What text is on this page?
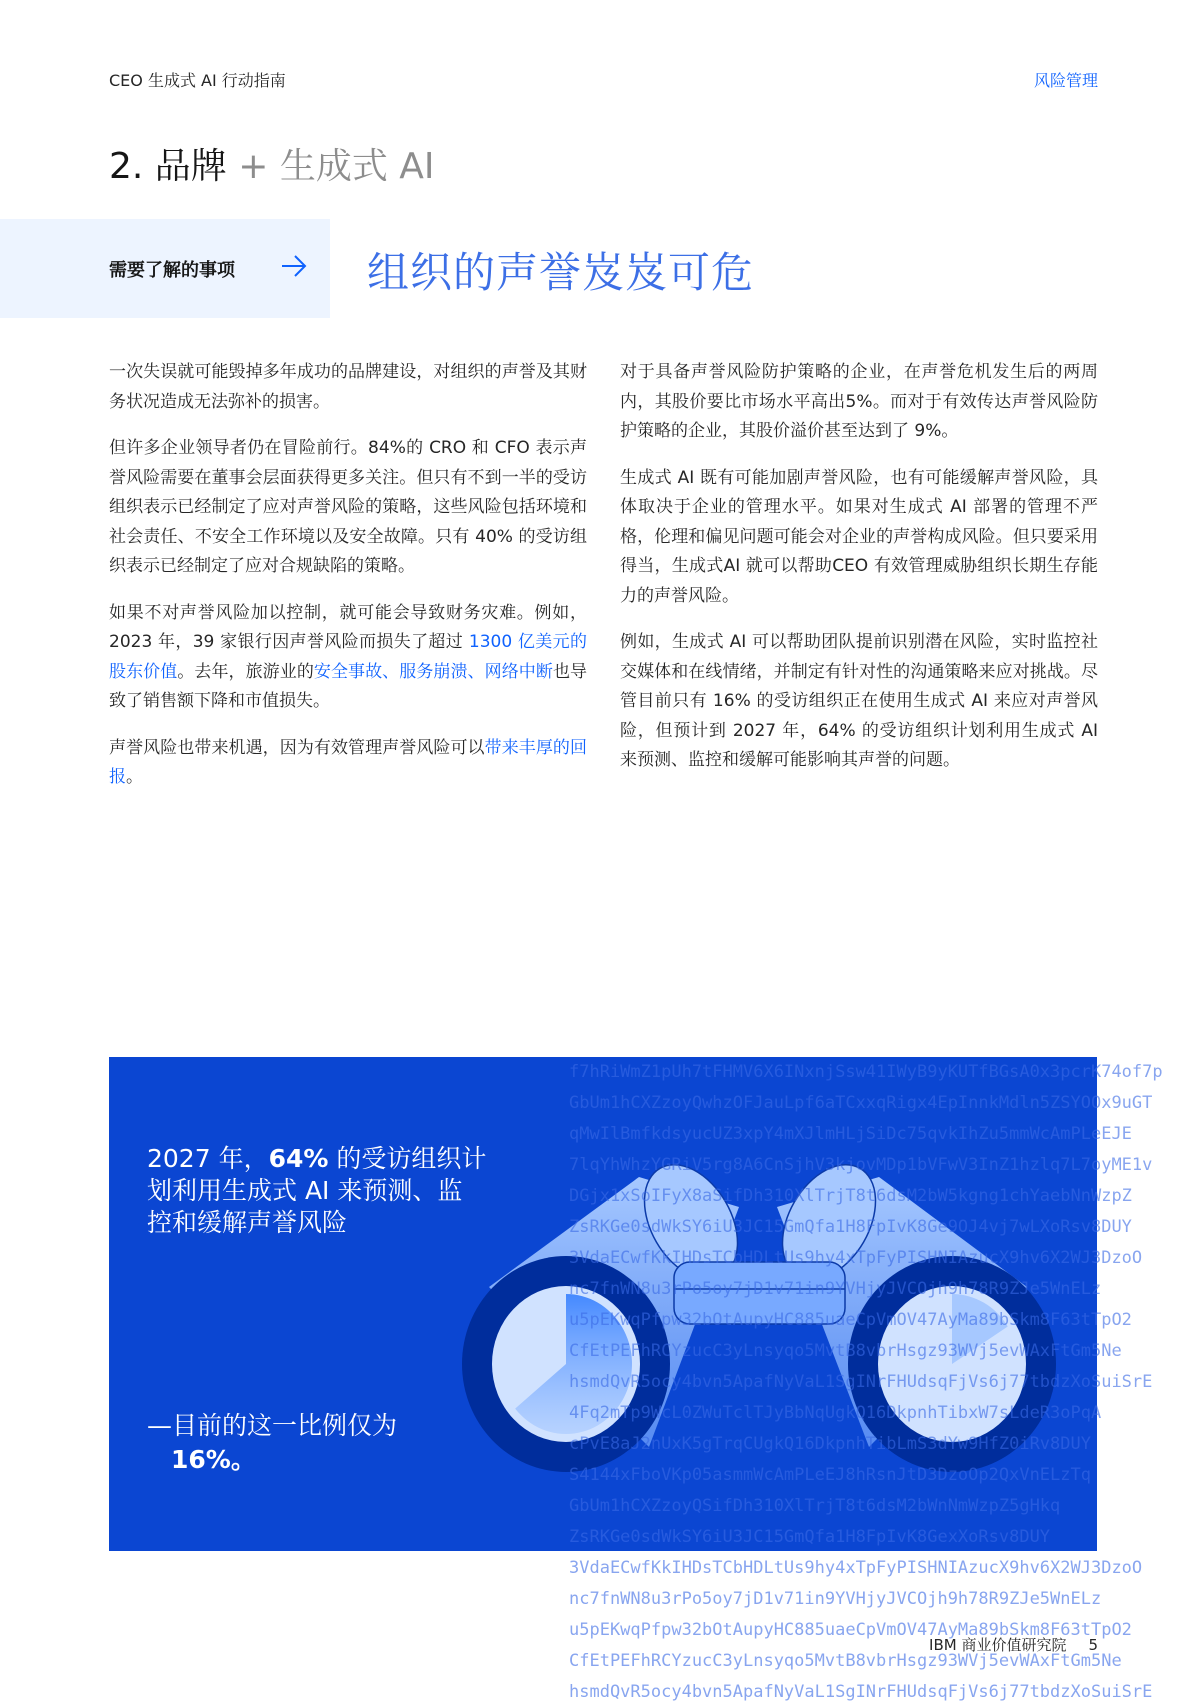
CEO 生成式 AI 行动指南	风险管理
2. 品牌 + 生成式 AI
需要了解的事项	组织的声誉岌岌可危

一次失误就可能毁掉多年成功的品牌建设，对组织的声誉及其财务状况造成无法弥补的损害。

但许多企业领导者仍在冒险前行。84%的 CRO 和 CFO 表示声誉风险需要在董事会层面获得更多关注。但只有不到一半的受访组织表示已经制定了应对声誉风险的策略，这些风险包括环境和社会责任、不安全工作环境以及安全故障。只有 40% 的受访组织表示已经制定了应对合规缺陷的策略。

如果不对声誉风险加以控制，就可能会导致财务灾难。例如，2023 年，39 家银行因声誉风险而损失了超过 1300 亿美元的股东价值。去年，旅游业的安全事故、服务崩溃、网络中断也导致了销售额下降和市值损失。

声誉风险也带来机遇，因为有效管理声誉风险可以带来丰厚的回报。

对于具备声誉风险防护策略的企业，在声誉危机发生后的两周内，其股价要比市场水平高出5%。而对于有效传达声誉风险防护策略的企业，其股价溢价甚至达到了 9%。

生成式 AI 既有可能加剧声誉风险，也有可能缓解声誉风险，具体取决于企业的管理水平。如果对生成式 AI 部署的管理不严格，伦理和偏见问题可能会对企业的声誉构成风险。但只要采用得当，生成式AI 就可以帮助CEO 有效管理威胁组织长期生存能力的声誉风险。

例如，生成式 AI 可以帮助团队提前识别潜在风险，实时监控社交媒体和在线情绪，并制定有针对性的沟通策略来应对挑战。尽管目前只有 16% 的受访组织正在使用生成式 AI 来应对声誉风险，但预计到 2027 年，64% 的受访组织计划利用生成式 AI 来预测、监控和缓解可能影响其声誉的问题。

f7hRiWmZ1pUh7tFHMV6X6INxnjSsw41IWyB9yKUTfBGsA0x3pcrK74of7p
GbUm1hCXZzoyQwhzOFJauLpf6aTCxxqRigx4EpInnkMdln5ZSYOOx9uGT
qMwIlBmfkdsyucUZ3xpY4mXJlmHLjSiDc75qvkIhZu5mmWcAmPLeEJE
7lqYhWhzYGRiV5rg8A6CnSjhV3kjovMDp1bVFwV3InZ1hzlq7L7oyME1v
DGjx1xSoIFyX8aSifDh310XlTrjT8t6dsM2bW5kgng1chYaebNnWzpZ
ZsRKGe0sdWkSY6iU3JC15GmQfa1H8FpIvK8Ge9OJ4vj7wLXoRsv8DUY
3VdaECwfKkIHDsTCbHDLtUs9hy4xTpFyPISHNIAzucX9hv6X2WJ3DzoO
nc7fnWN8u3rPo5oy7jD1v71in9YVHjyJVCOjh9h78R9ZJe5WnELz
u5pEKwqPfpw32bOtAupyHC885uaeCpVmOV47AyMa89bSkm8F63tTpO2
CfEtPEFhRCYzucC3yLnsyqo5MvtB8vbrHsgz93WVj5evWAxFtGm5Ne
hsmdQvR5ocy4bvn5ApafNyVaL1SgINrFHUdsqFjVs6j77tbdzXoSuiSrE
4Fq2mTp9WcL0ZWuTclTJyBbNqUgkQ16DkpnhTibxW7sLdeR3oPqA
cPvE8aJ2nUxK5gTrqCUgkQ16DkpnhTibLmS3dYw9HfZ0iRv8DUY
S4144xFboVKp05asmmWcAmPLeEJ8hRsnJtD3DzoOp2QxVnELzTq
GbUm1hCXZzoyQSifDh310XlTrjT8t6dsM2bWnNmWzpZ5gHkq
ZsRKGe0sdWkSY6iU3JC15GmQfa1H8FpIvK8GexXoRsv8DUY
3VdaECwfKkIHDsTCbHDLtUs9hy4xTpFyPISHNIAzucX9hv6X2WJ3DzoO
nc7fnWN8u3rPo5oy7jD1v71in9YVHjyJVCOjh9h78R9ZJe5WnELz
u5pEKwqPfpw32bOtAupyHC885uaeCpVmOV47AyMa89bSkm8F63tTpO2
CfEtPEFhRCYzucC3yLnsyqo5MvtB8vbrHsgz93WVj5evWAxFtGm5Ne
hsmdQvR5ocy4bvn5ApafNyVaL1SgINrFHUdsqFjVs6j77tbdzXoSuiSrE
2027 年，64% 的受访组织计划利用生成式 AI 来预测、监控和缓解声誉风险
—目前的这一比例仅为
16%。
IBM 商业价值研究院 5
